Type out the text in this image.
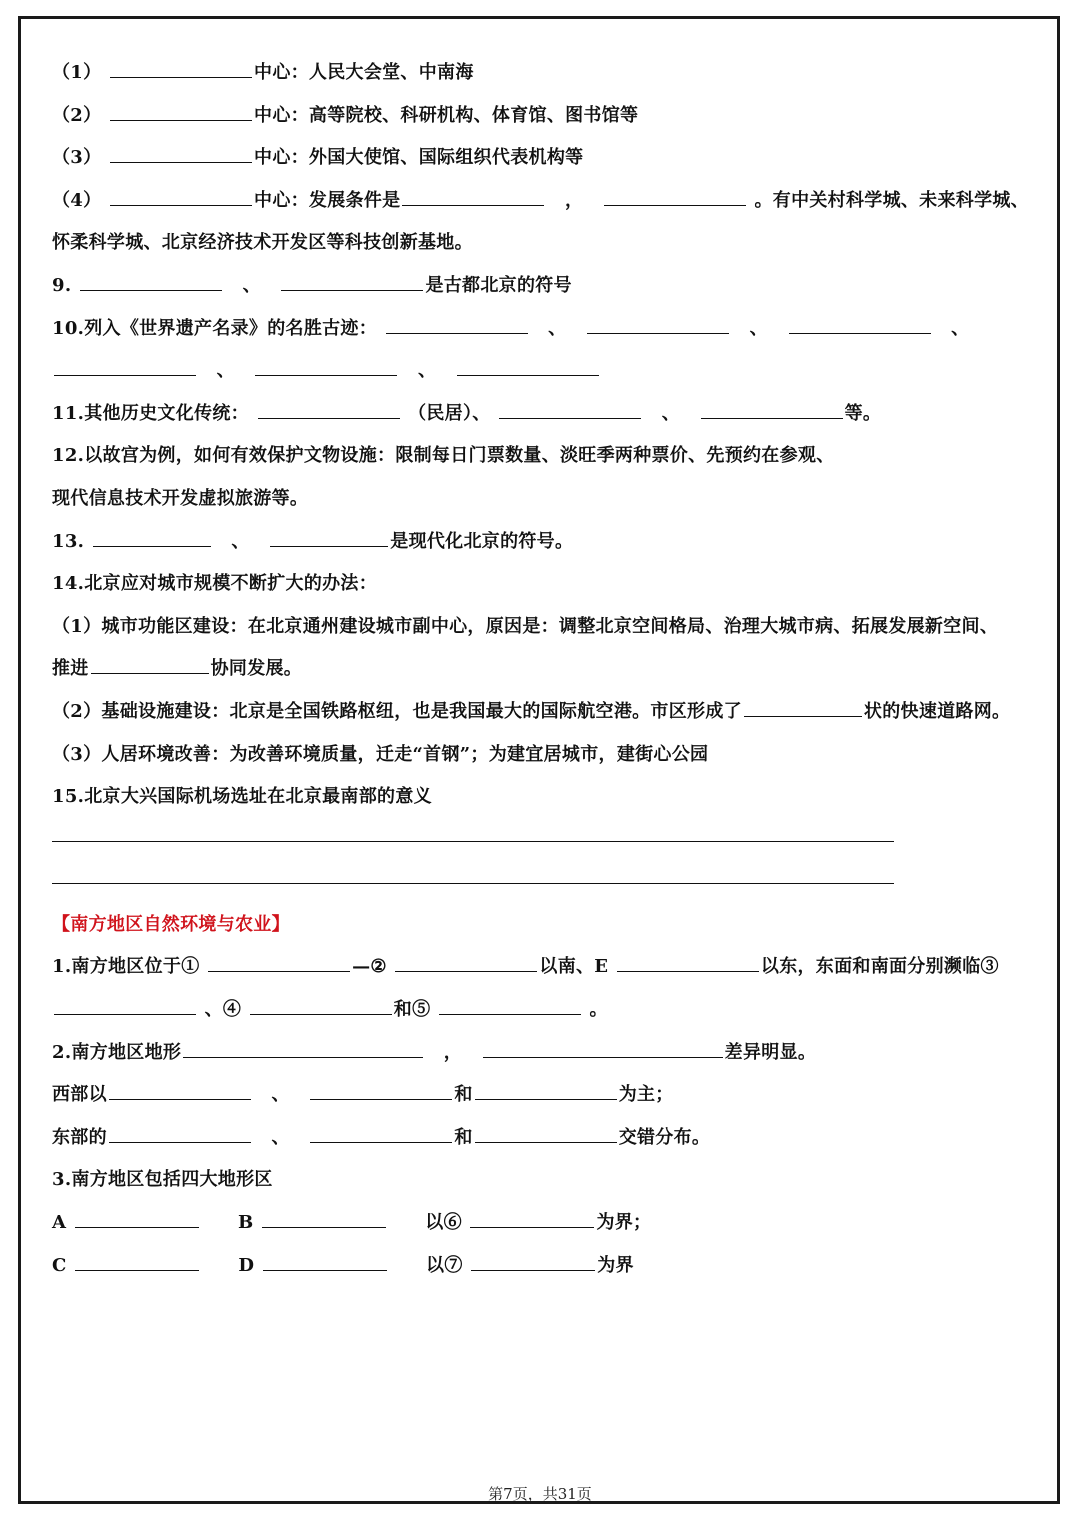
（1）	中心：人民大会堂、中南海
（2）	中心：高等院校、科研机构、体育馆、图书馆等
（3）	中心：外国大使馆、国际组织代表机构等
（4）	中心：发展条件是	，	。有中关村科学城、未来科学城、
怀柔科学城、北京经济技术开发区等科技创新基地。
9.	、	是古都北京的符号
10.列入《世界遗产名录》的名胜古迹：	、	、	、
、	、
11.其他历史文化传统：	（民居）、	、	等。
12.以故宫为例，如何有效保护文物设施：限制每日门票数量、淡旺季两种票价、先预约在参观、
现代信息技术开发虚拟旅游等。
13.	、	是现代化北京的符号。
14.北京应对城市规模不断扩大的办法：
（1）城市功能区建设：在北京通州建设城市副中心，原因是：调整北京空间格局、治理大城市病、拓展发展新空间、
推进	协同发展。
（2）基础设施建设：北京是全国铁路枢纽，也是我国最大的国际航空港。市区形成了	状的快速道路网。
（3）人居环境改善：为改善环境质量，迁走“首钢”；为建宜居城市，建街心公园
15.北京大兴国际机场选址在北京最南部的意义
【南方地区自然环境与农业】
1.南方地区位于①	—②	以南、E	以东，东面和南面分别濒临③
、④	和⑤	。
2.南方地区地形	，	差异明显。
西部以	、	和	为主；
东部的	、	和	交错分布。
3.南方地区包括四大地形区
A	B	以⑥	为界；
C	D	以⑦	为界
第7页，共31页
